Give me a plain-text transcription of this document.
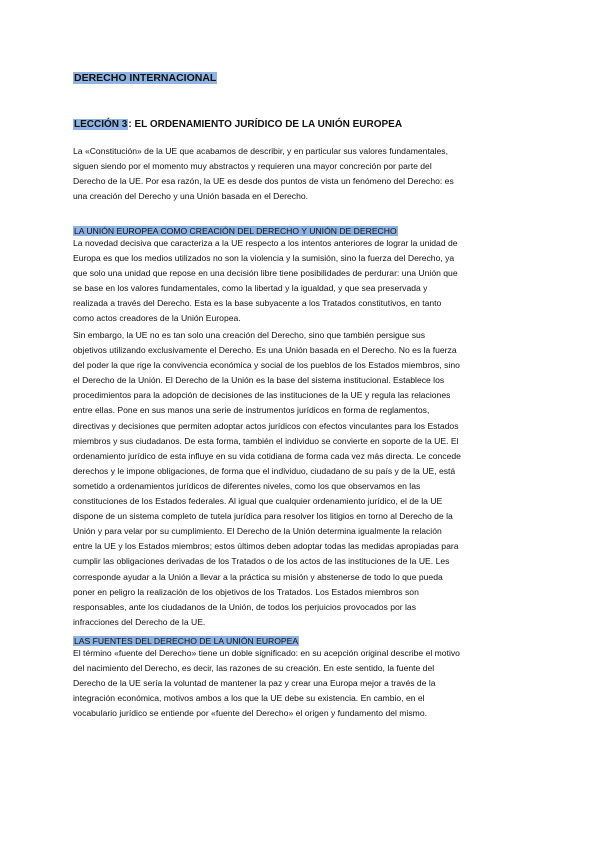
DERECHO INTERNACIONAL
LECCIÓN 3: EL ORDENAMIENTO JURÍDICO DE LA UNIÓN EUROPEA
La «Constitución» de la UE que acabamos de describir, y en particular sus valores fundamentales,
siguen siendo por el momento muy abstractos y requieren una mayor concreción por parte del
Derecho de la UE. Por esa razón, la UE es desde dos puntos de vista un fenómeno del Derecho: es
una creación del Derecho y una Unión basada en el Derecho.
LA UNIÓN EUROPEA COMO CREACIÓN DEL DERECHO Y UNIÓN DE DERECHO
La novedad decisiva que caracteriza a la UE respecto a los intentos anteriores de lograr la unidad de
Europa es que los medios utilizados no son la violencia y la sumisión, sino la fuerza del Derecho, ya
que solo una unidad que repose en una decisión libre tiene posibilidades de perdurar: una Unión que
se base en los valores fundamentales, como la libertad y la igualdad, y que sea preservada y
realizada a través del Derecho. Esta es la base subyacente a los Tratados constitutivos, en tanto
como actos creadores de la Unión Europea.
Sin embargo, la UE no es tan solo una creación del Derecho, sino que también persigue sus
objetivos utilizando exclusivamente el Derecho. Es una Unión basada en el Derecho. No es la fuerza
del poder la que rige la convivencia económica y social de los pueblos de los Estados miembros, sino
el Derecho de la Unión. El Derecho de la Unión es la base del sistema institucional. Establece los
procedimientos para la adopción de decisiones de las instituciones de la UE y regula las relaciones
entre ellas. Pone en sus manos una serie de instrumentos jurídicos en forma de reglamentos,
directivas y decisiones que permiten adoptar actos jurídicos con efectos vinculantes para los Estados
miembros y sus ciudadanos. De esta forma, también el individuo se convierte en soporte de la UE. El
ordenamiento jurídico de esta influye en su vida cotidiana de forma cada vez más directa. Le concede
derechos y le impone obligaciones, de forma que el individuo, ciudadano de su país y de la UE, está
sometido a ordenamientos jurídicos de diferentes niveles, como los que observamos en las
constituciones de los Estados federales. Al igual que cualquier ordenamiento jurídico, el de la UE
dispone de un sistema completo de tutela jurídica para resolver los litigios en torno al Derecho de la
Unión y para velar por su cumplimiento. El Derecho de la Unión determina igualmente la relación
entre la UE y los Estados miembros; estos últimos deben adoptar todas las medidas apropiadas para
cumplir las obligaciones derivadas de los Tratados o de los actos de las instituciones de la UE. Les
corresponde ayudar a la Unión a llevar a la práctica su misión y abstenerse de todo lo que pueda
poner en peligro la realización de los objetivos de los Tratados. Los Estados miembros son
responsables, ante los ciudadanos de la Unión, de todos los perjuicios provocados por las
infracciones del Derecho de la UE.
LAS FUENTES DEL DERECHO DE LA UNIÓN EUROPEA
El término «fuente del Derecho» tiene un doble significado: en su acepción original describe el motivo
del nacimiento del Derecho, es decir, las razones de su creación. En este sentido, la fuente del
Derecho de la UE sería la voluntad de mantener la paz y crear una Europa mejor a través de la
integración económica, motivos ambos a los que la UE debe su existencia. En cambio, en el
vocabulario jurídico se entiende por «fuente del Derecho» el origen y fundamento del mismo.
